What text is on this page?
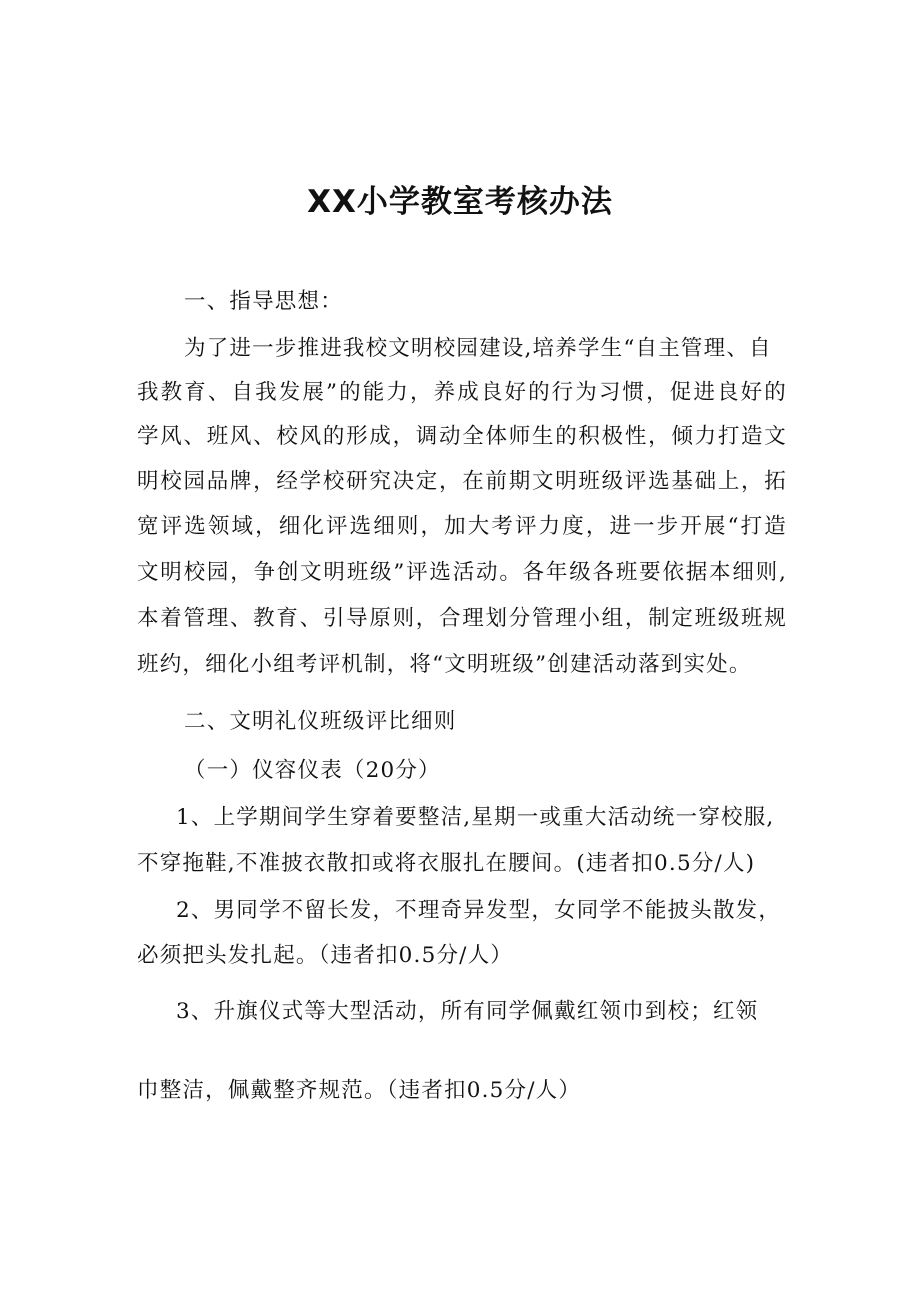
XX小学教室考核办法
一、指导思想：
为了进一步推进我校文明校园建设,培养学生“自主管理、自
我教育、自我发展”的能力，养成良好的行为习惯，促进良好的
学风、班风、校风的形成，调动全体师生的积极性，倾力打造文
明校园品牌，经学校研究决定，在前期文明班级评选基础上，拓
宽评选领域，细化评选细则，加大考评力度，进一步开展“打造
文明校园，争创文明班级”评选活动。各年级各班要依据本细则,
本着管理、教育、引导原则，合理划分管理小组，制定班级班规
班约，细化小组考评机制，将“文明班级”创建活动落到实处。
二、文明礼仪班级评比细则
（一）仪容仪表（20分）
1、上学期间学生穿着要整洁,星期一或重大活动统一穿校服,
不穿拖鞋,不准披衣散扣或将衣服扎在腰间。(违者扣0.5分/人)
2、男同学不留长发，不理奇异发型，女同学不能披头散发，
必须把头发扎起。（违者扣0.5分/人）
3、升旗仪式等大型活动，所有同学佩戴红领巾到校；红领
巾整洁，佩戴整齐规范。（违者扣0.5分/人）
